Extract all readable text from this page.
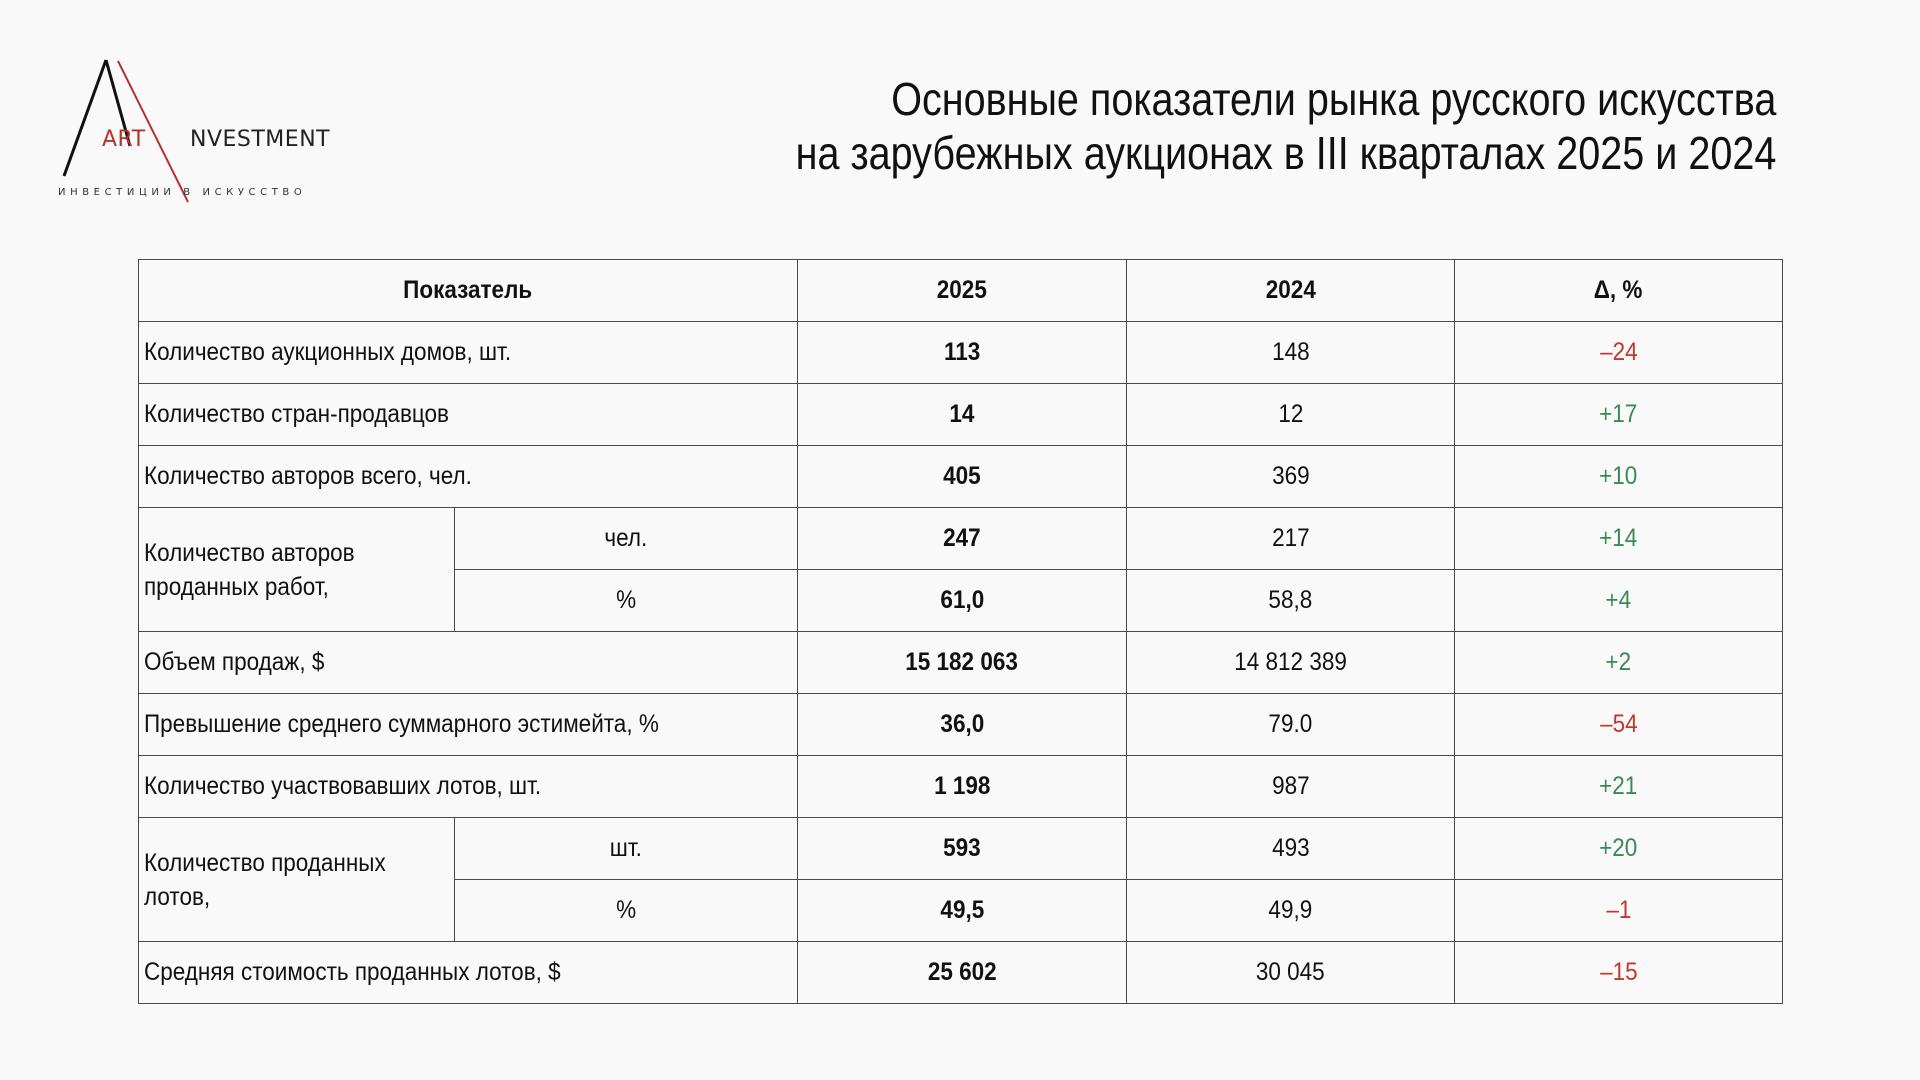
ART NVESTMENT
ИНВЕСТИЦИИ В ИСКУССТВО
Основные показатели рынка русского искусства
на зарубежных аукционах в III кварталах 2025 и 2024
Показатель		2025	2024	Δ, %
Количество аукционных домов, шт.		113	148	–24
Количество стран-продавцов		14	12	+17
Количество авторов всего, чел.		405	369	+10
Количество авторов проданных работ,	чел.	247	217	+14
	%	61,0	58,8	+4
Объем продаж, $		15 182 063	14 812 389	+2
Превышение среднего суммарного эстимейта, %		36,0	79.0	–54
Количество участвовавших лотов, шт.		1 198	987	+21
Количество проданных лотов,	шт.	593	493	+20
	%	49,5	49,9	–1
Средняя стоимость проданных лотов, $		25 602	30 045	–15
